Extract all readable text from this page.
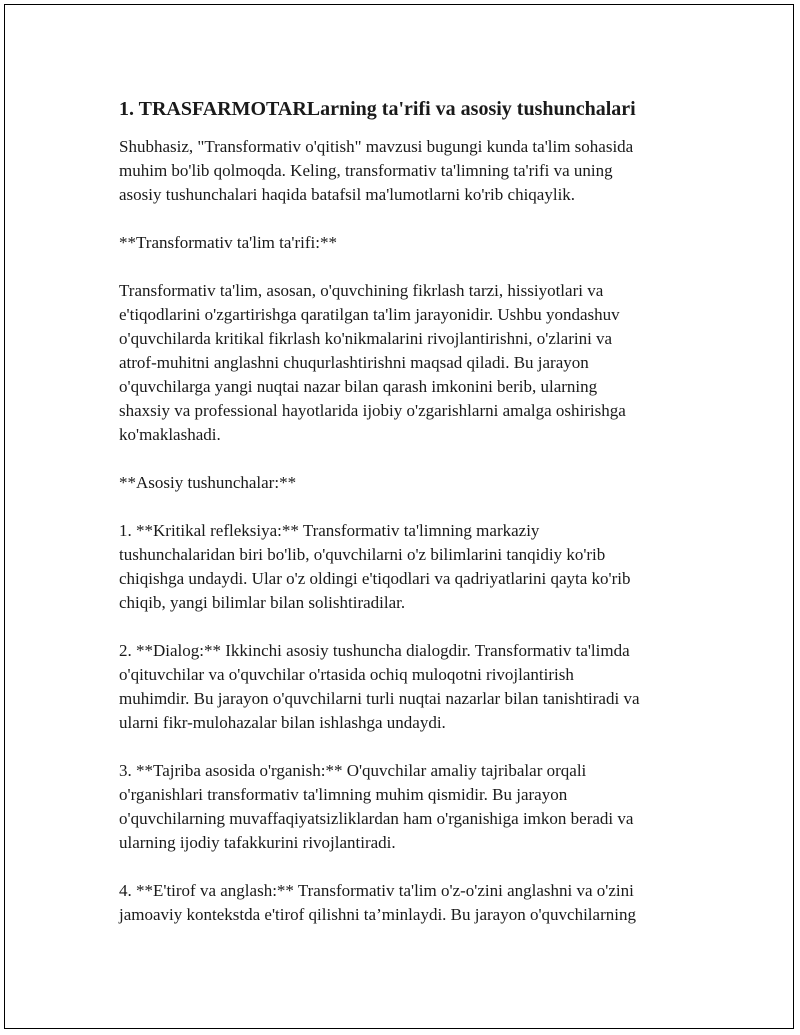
1. TRASFARMOTARLarning ta'rifi va asosiy tushunchalari
Shubhasiz, "Transformativ o'qitish" mavzusi bugungi kunda ta'lim sohasida
muhim bo'lib qolmoqda. Keling, transformativ ta'limning ta'rifi va uning
asosiy tushunchalari haqida batafsil ma'lumotlarni ko'rib chiqaylik.
**Transformativ ta'lim ta'rifi:**
Transformativ ta'lim, asosan, o'quvchining fikrlash tarzi, hissiyotlari va
e'tiqodlarini o'zgartirishga qaratilgan ta'lim jarayonidir. Ushbu yondashuv
o'quvchilarda kritikal fikrlash ko'nikmalarini rivojlantirishni, o'zlarini va
atrof-muhitni anglashni chuqurlashtirishni maqsad qiladi. Bu jarayon
o'quvchilarga yangi nuqtai nazar bilan qarash imkonini berib, ularning
shaxsiy va professional hayotlarida ijobiy o'zgarishlarni amalga oshirishga
ko'maklashadi.
**Asosiy tushunchalar:**
1. **Kritikal refleksiya:** Transformativ ta'limning markaziy
tushunchalaridan biri bo'lib, o'quvchilarni o'z bilimlarini tanqidiy ko'rib
chiqishga undaydi. Ular o'z oldingi e'tiqodlari va qadriyatlarini qayta ko'rib
chiqib, yangi bilimlar bilan solishtiradilar.
2. **Dialog:** Ikkinchi asosiy tushuncha dialogdir. Transformativ ta'limda
o'qituvchilar va o'quvchilar o'rtasida ochiq muloqotni rivojlantirish
muhimdir. Bu jarayon o'quvchilarni turli nuqtai nazarlar bilan tanishtiradi va
ularni fikr-mulohazalar bilan ishlashga undaydi.
3. **Tajriba asosida o'rganish:** O'quvchilar amaliy tajribalar orqali
o'rganishlari transformativ ta'limning muhim qismidir. Bu jarayon
o'quvchilarning muvaffaqiyatsizliklardan ham o'rganishiga imkon beradi va
ularning ijodiy tafakkurini rivojlantiradi.
4. **E'tirof va anglash:** Transformativ ta'lim o'z-o'zini anglashni va o'zini
jamoaviy kontekstda e'tirof qilishni ta’minlaydi. Bu jarayon o'quvchilarning
